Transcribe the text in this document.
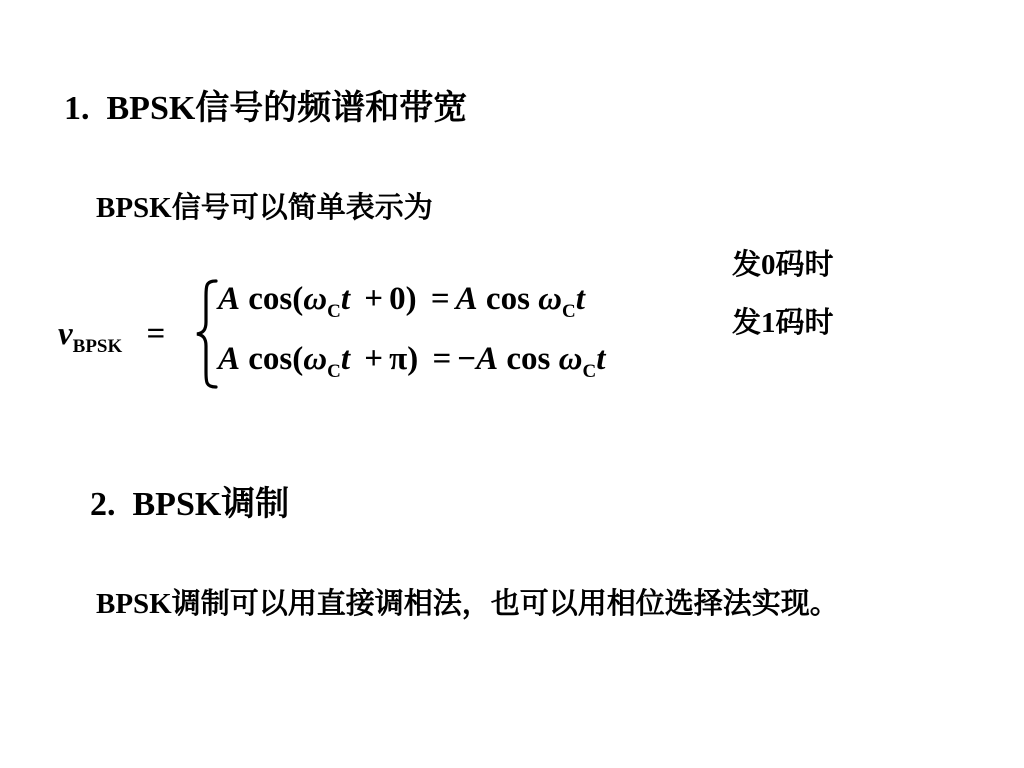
1. BPSK信号的频谱和带宽
BPSK信号可以简单表示为
$v_{BPSK}$ =
A $\cos(\omega_Ct + 0) = A$ $\cos \omega_Ct$
A $\cos(\omega_Ct + \pi) = -A$ $\cos \omega_Ct$
发0码时
发1码时
2. BPSK调制
BPSK调制可以用直接调相法，也可以用相位选择法实现。
